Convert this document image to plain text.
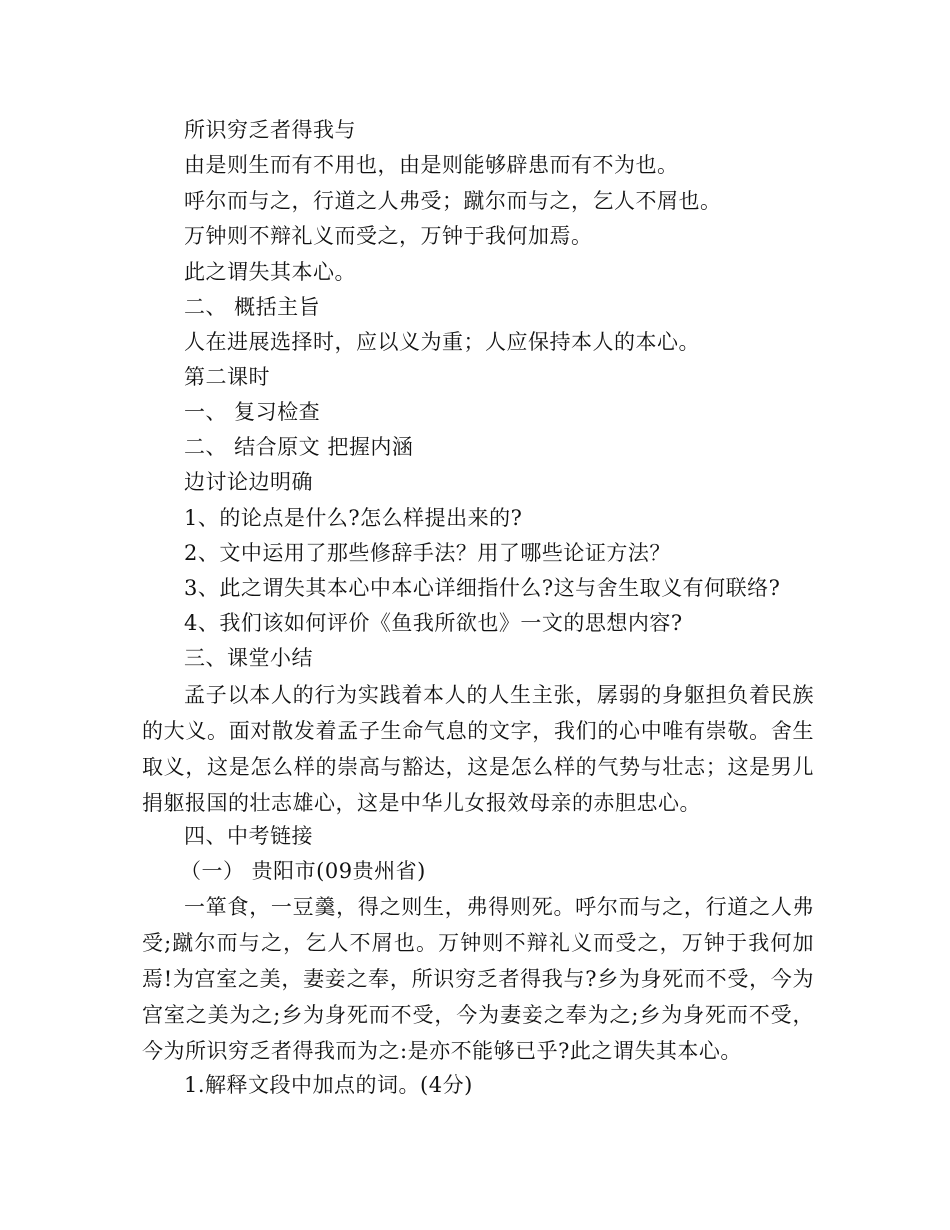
所识穷乏者得我与
由是则生而有不用也，由是则能够辟患而有不为也。
呼尔而与之，行道之人弗受；蹴尔而与之，乞人不屑也。
万钟则不辩礼义而受之，万钟于我何加焉。
此之谓失其本心。
二、 概括主旨
人在进展选择时，应以义为重；人应保持本人的本心。
第二课时
一、 复习检查
二、 结合原文 把握内涵
边讨论边明确
1、的论点是什么?怎么样提出来的?
2、文中运用了那些修辞手法？用了哪些论证方法？
3、此之谓失其本心中本心详细指什么?这与舍生取义有何联络?
4、我们该如何评价《鱼我所欲也》一文的思想内容?
三、课堂小结
孟子以本人的行为实践着本人的人生主张，孱弱的身躯担负着民族的大义。面对散发着孟子生命气息的文字，我们的心中唯有崇敬。舍生取义，这是怎么样的崇高与豁达，这是怎么样的气势与壮志；这是男儿捐躯报国的壮志雄心，这是中华儿女报效母亲的赤胆忠心。
四、中考链接
（一） 贵阳市(09贵州省)
一箪食，一豆羹，得之则生，弗得则死。呼尔而与之，行道之人弗受;蹴尔而与之，乞人不屑也。万钟则不辩礼义而受之，万钟于我何加焉!为宫室之美，妻妾之奉，所识穷乏者得我与?乡为身死而不受，今为宫室之美为之;乡为身死而不受，今为妻妾之奉为之;乡为身死而不受，今为所识穷乏者得我而为之:是亦不能够已乎?此之谓失其本心。
1.解释文段中加点的词。(4分)
